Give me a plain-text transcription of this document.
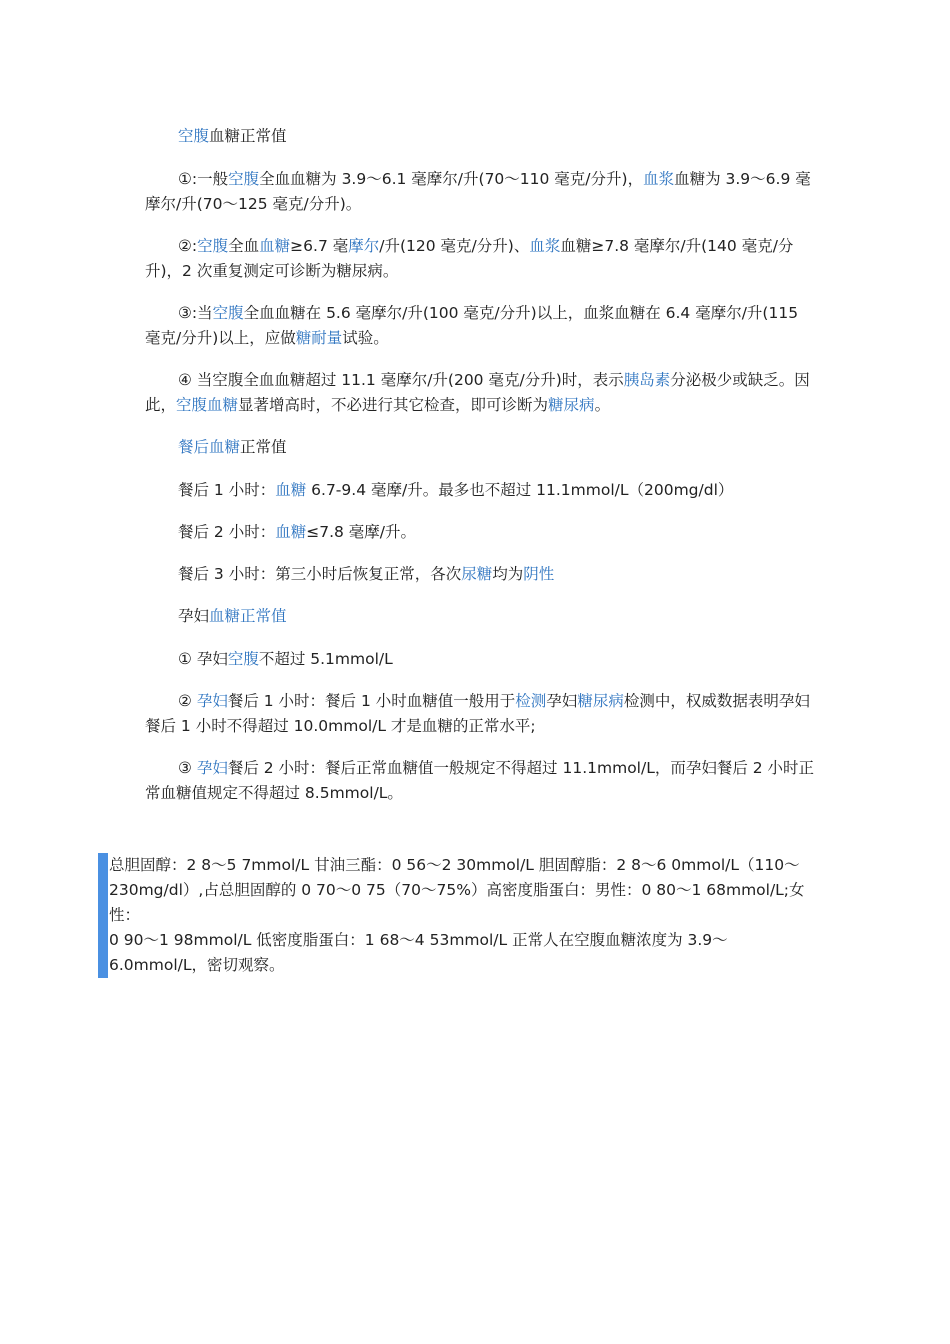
空腹血糖正常值

①:一般空腹全血血糖为 3.9～6.1 毫摩尔/升(70～110 毫克/分升)，血浆血糖为 3.9～6.9 毫摩尔/升(70～125 毫克/分升)。

②:空腹全血血糖≥6.7 毫摩尔/升(120 毫克/分升)、血浆血糖≥7.8 毫摩尔/升(140 毫克/分升)，2 次重复测定可诊断为糖尿病。

③:当空腹全血血糖在 5.6 毫摩尔/升(100 毫克/分升)以上，血浆血糖在 6.4 毫摩尔/升(115 毫克/分升)以上，应做糖耐量试验。

④ 当空腹全血血糖超过 11.1 毫摩尔/升(200 毫克/分升)时，表示胰岛素分泌极少或缺乏。因此，空腹血糖显著增高时，不必进行其它检查，即可诊断为糖尿病。

餐后血糖正常值

餐后 1 小时：血糖 6.7-9.4 毫摩/升。最多也不超过 11.1mmol/L（200mg/dl）

餐后 2 小时：血糖≤7.8 毫摩/升。

餐后 3 小时：第三小时后恢复正常，各次尿糖均为阴性

孕妇血糖正常值

① 孕妇空腹不超过 5.1mmol/L

② 孕妇餐后 1 小时：餐后 1 小时血糖值一般用于检测孕妇糖尿病检测中，权威数据表明孕妇餐后 1 小时不得超过 10.0mmol/L 才是血糖的正常水平;

③ 孕妇餐后 2 小时：餐后正常血糖值一般规定不得超过 11.1mmol/L，而孕妇餐后 2 小时正常血糖值规定不得超过 8.5mmol/L。

总胆固醇：2 8～5 7mmol/L 甘油三酯：0 56～2 30mmol/L 胆固醇脂：2 8～6 0mmol/L（110～

230mg/dl）,占总胆固醇的 0 70～0 75（70～75%）高密度脂蛋白：男性：0 80～1 68mmol/L;女性：

0 90～1 98mmol/L 低密度脂蛋白：1 68～4 53mmol/L 正常人在空腹血糖浓度为 3.9～

6.0mmol/L，密切观察。
